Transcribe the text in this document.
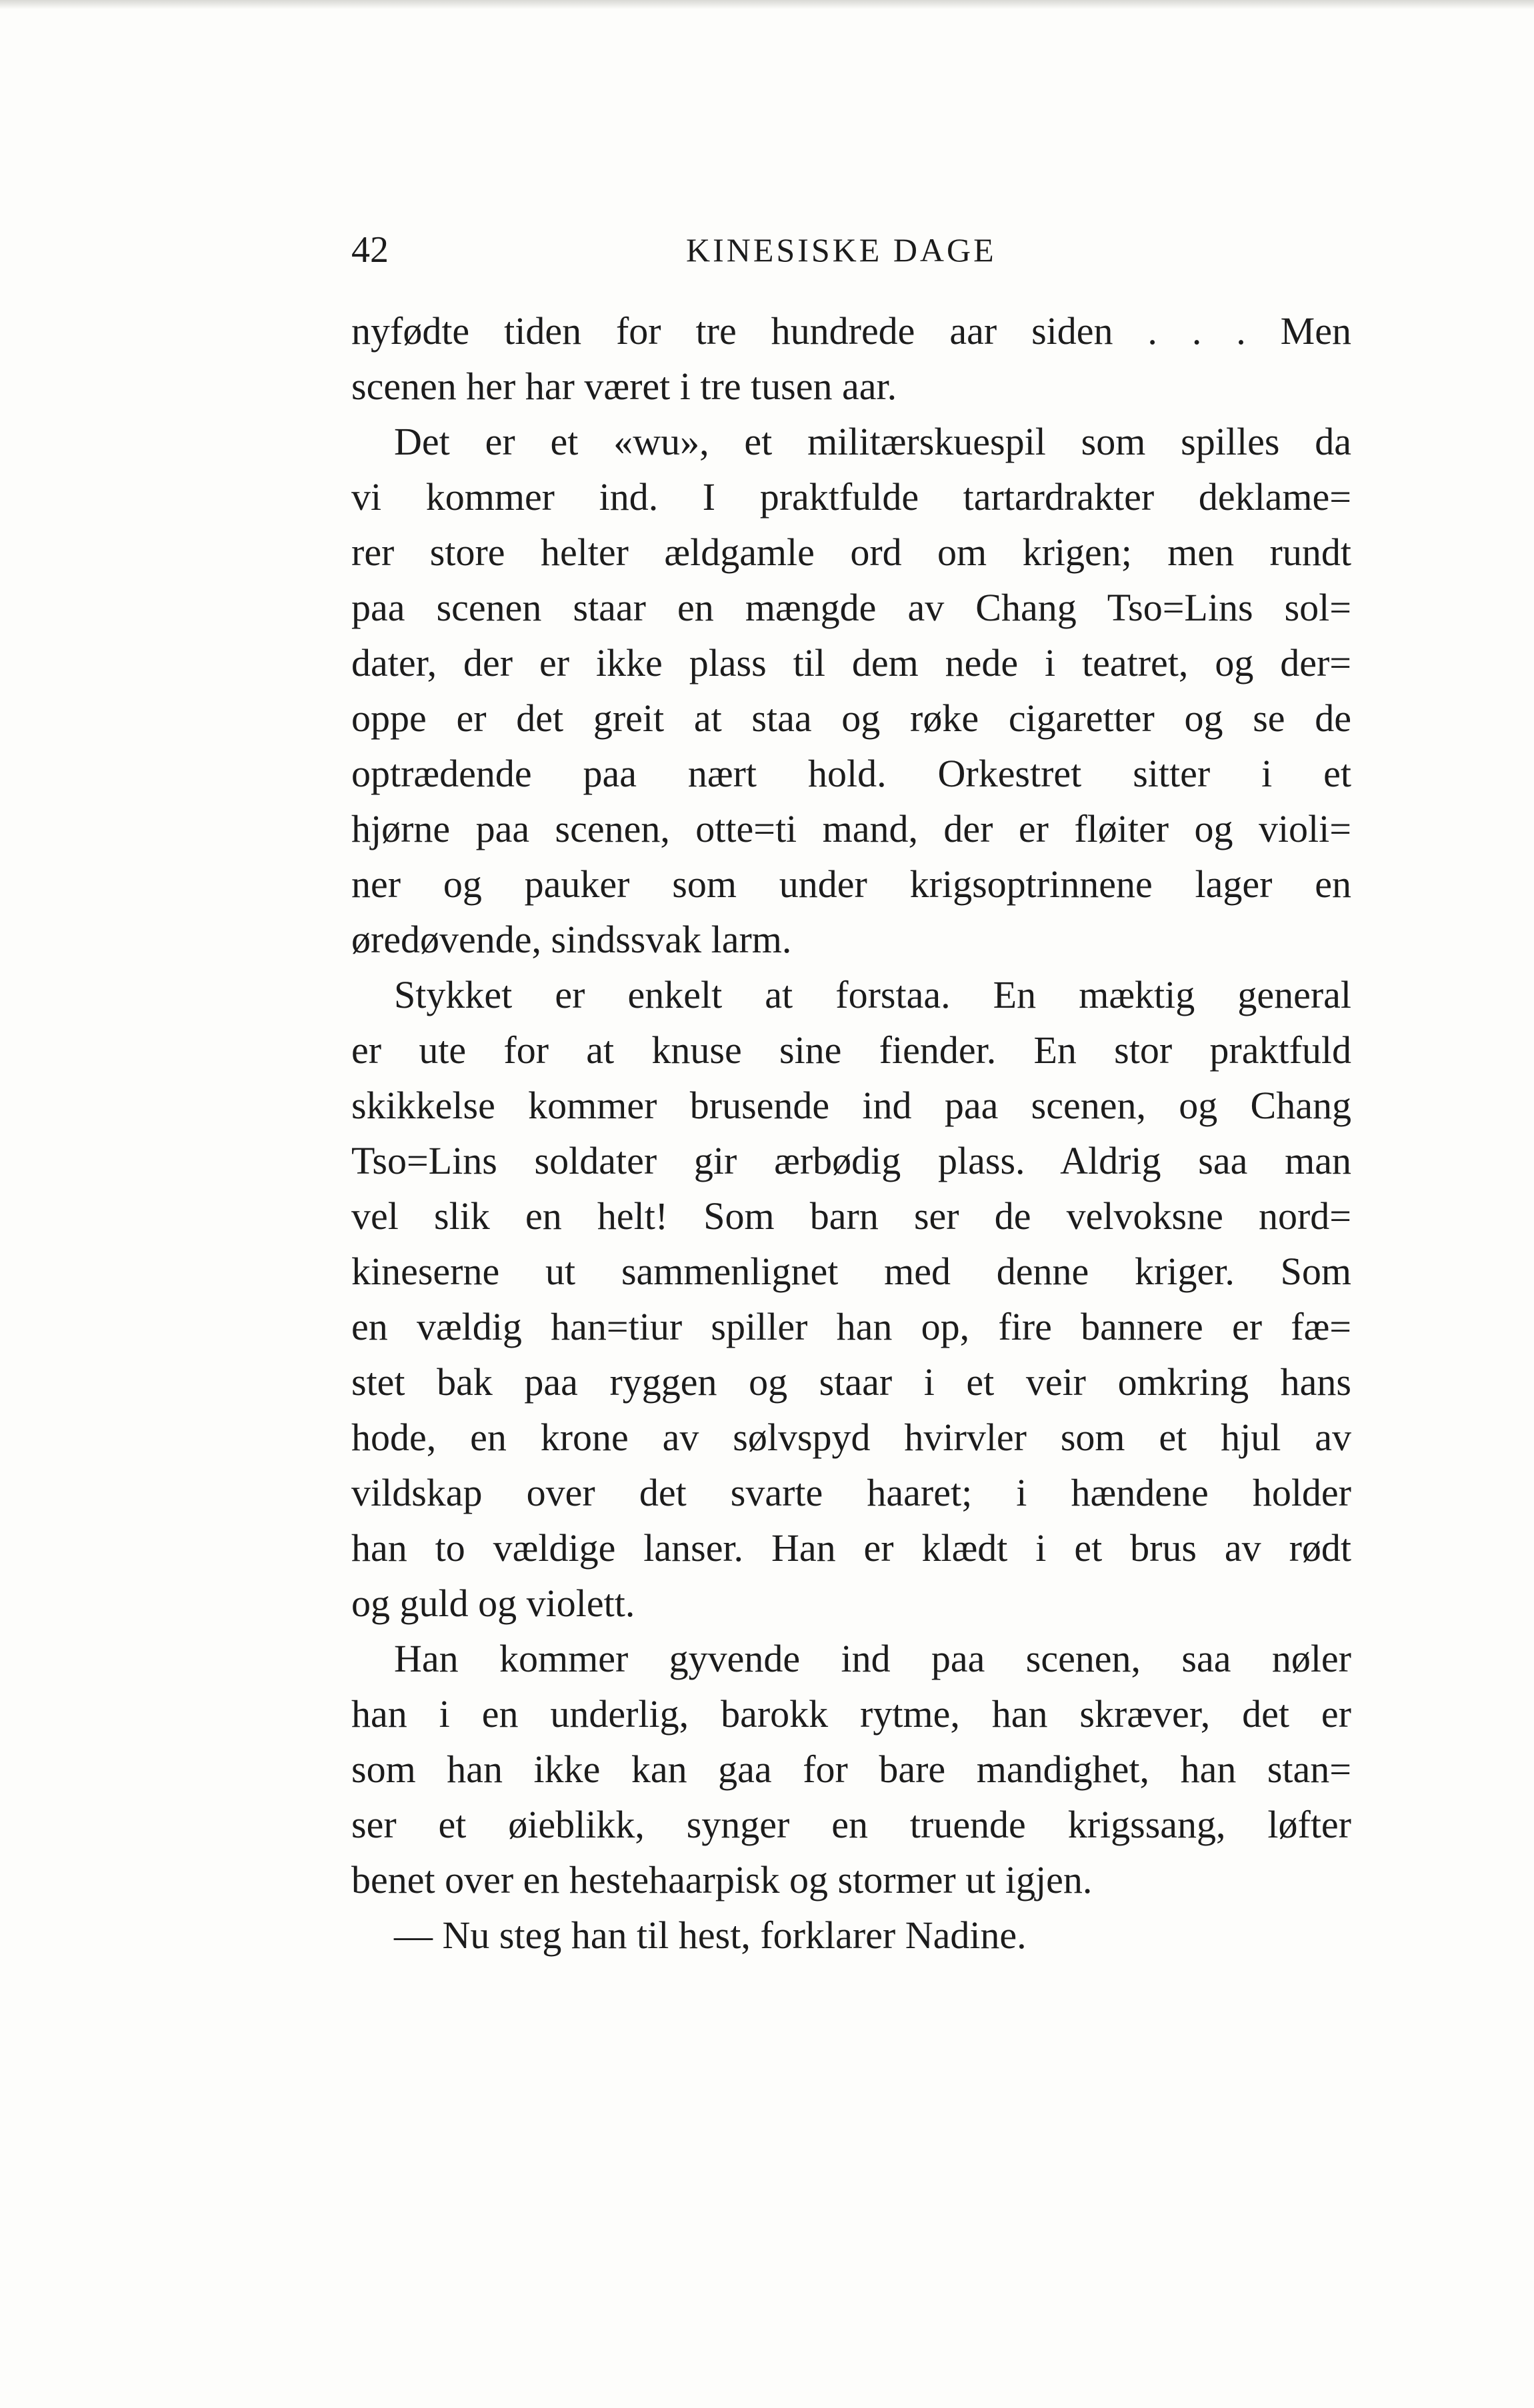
42	KINESISKE DAGE
nyfødte tiden for tre hundrede aar siden . . . Men
scenen her har været i tre tusen aar.
Det er et «wu», et militærskuespil som spilles da
vi kommer ind. I praktfulde tartardrakter deklame=
rer store helter ældgamle ord om krigen; men rundt
paa scenen staar en mængde av Chang Tso=Lins sol=
dater, der er ikke plass til dem nede i teatret, og der=
oppe er det greit at staa og røke cigaretter og se de
optrædende paa nært hold. Orkestret sitter i et
hjørne paa scenen, otte=ti mand, der er fløiter og violi=
ner og pauker som under krigsoptrinnene lager en
øredøvende, sindssvak larm.
Stykket er enkelt at forstaa. En mæktig general
er ute for at knuse sine fiender. En stor praktfuld
skikkelse kommer brusende ind paa scenen, og Chang
Tso=Lins soldater gir ærbødig plass. Aldrig saa man
vel slik en helt! Som barn ser de velvoksne nord=
kineserne ut sammenlignet med denne kriger. Som
en vældig han=tiur spiller han op, fire bannere er fæ=
stet bak paa ryggen og staar i et veir omkring hans
hode, en krone av sølvspyd hvirvler som et hjul av
vildskap over det svarte haaret; i hændene holder
han to vældige lanser. Han er klædt i et brus av rødt
og guld og violett.
Han kommer gyvende ind paa scenen, saa nøler
han i en underlig, barokk rytme, han skræver, det er
som han ikke kan gaa for bare mandighet, han stan=
ser et øieblikk, synger en truende krigssang, løfter
benet over en hestehaarpisk og stormer ut igjen.
— Nu steg han til hest, forklarer Nadine.
